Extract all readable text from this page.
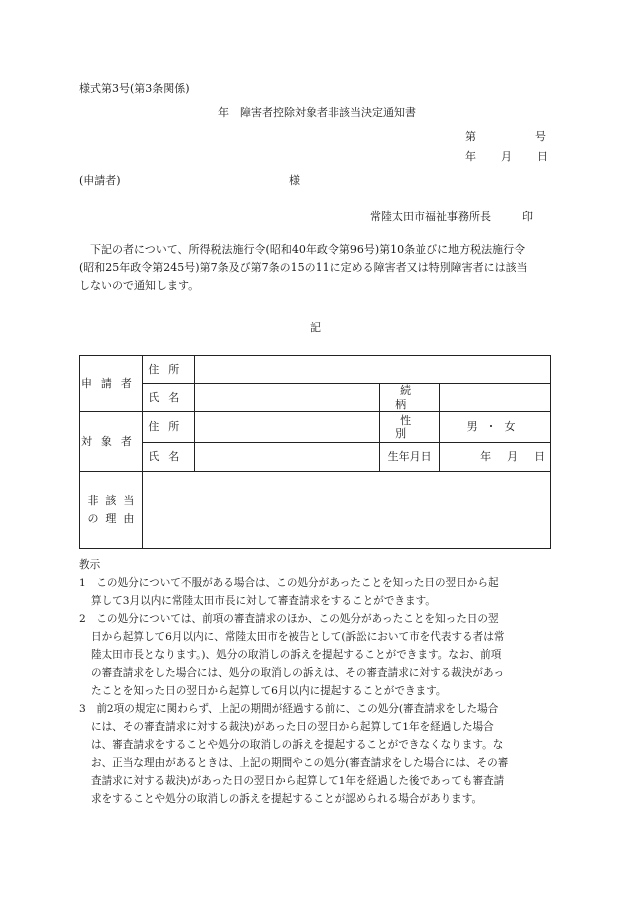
様式第3号(第3条関係)
年　障害者控除対象者非該当決定通知書
第	号
年 月 日
(申請者)	様
常陸太田市福祉事務所長	印
　下記の者について、所得税法施行令(昭和40年政令第96号)第10条並びに地方税法施行令
(昭和25年政令第245号)第7条及び第7条の15の11に定める障害者又は特別障害者には該当
しないので通知します。
記
申請者	住所			
	氏名		続柄	
対象者	住所		性別	男・女
	氏名		生年月日	年 月 日

非該当
の理由				

教示
1　 この処分について不服がある場合は、この処分があったことを知った日の翌日から起
算して3月以内に常陸太田市長に対して審査請求をすることができます。
2　 この処分については、前項の審査請求のほか、この処分があったことを知った日の翌
日から起算して6月以内に、常陸太田市を被告として(訴訟において市を代表する者は常
陸太田市長となります。)、処分の取消しの訴えを提起することができます。なお、前項
の審査請求をした場合には、処分の取消しの訴えは、その審査請求に対する裁決があっ
たことを知った日の翌日から起算して6月以内に提起することができます。
3　 前2項の規定に関わらず、上記の期間が経過する前に、この処分(審査請求をした場合
には、その審査請求に対する裁決)があった日の翌日から起算して1年を経過した場合
は、審査請求をすることや処分の取消しの訴えを提起することができなくなります。な
お、正当な理由があるときは、上記の期間やこの処分(審査請求をした場合には、その審
査請求に対する裁決)があった日の翌日から起算して1年を経過した後であっても審査請
求をすることや処分の取消しの訴えを提起することが認められる場合があります。
